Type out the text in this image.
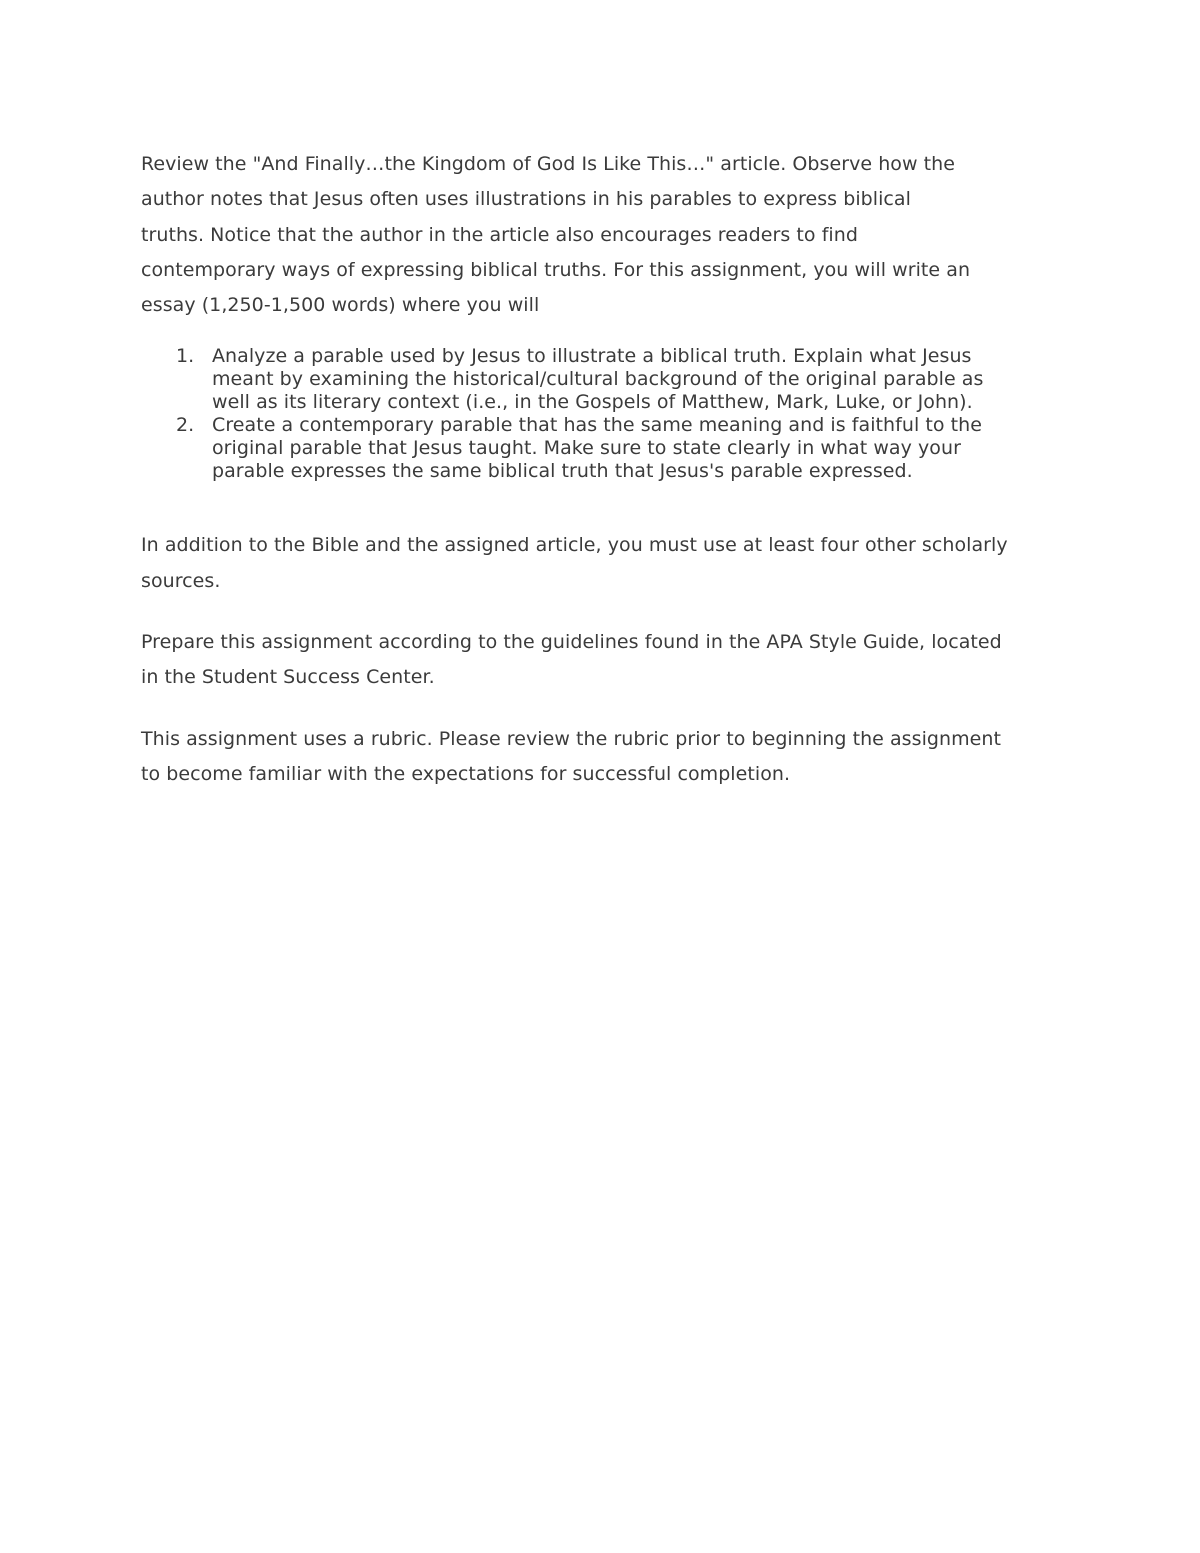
Review the "And Finally…the Kingdom of God Is Like This…" article. Observe how the
author notes that Jesus often uses illustrations in his parables to express biblical
truths. Notice that the author in the article also encourages readers to find
contemporary ways of expressing biblical truths. For this assignment, you will write an
essay (1,250-1,500 words) where you will

1. Analyze a parable used by Jesus to illustrate a biblical truth. Explain what Jesus
meant by examining the historical/cultural background of the original parable as
well as its literary context (i.e., in the Gospels of Matthew, Mark, Luke, or John).
2. Create a contemporary parable that has the same meaning and is faithful to the
original parable that Jesus taught. Make sure to state clearly in what way your
parable expresses the same biblical truth that Jesus's parable expressed.

In addition to the Bible and the assigned article, you must use at least four other scholarly
sources.

Prepare this assignment according to the guidelines found in the APA Style Guide, located
in the Student Success Center.

This assignment uses a rubric. Please review the rubric prior to beginning the assignment
to become familiar with the expectations for successful completion.
